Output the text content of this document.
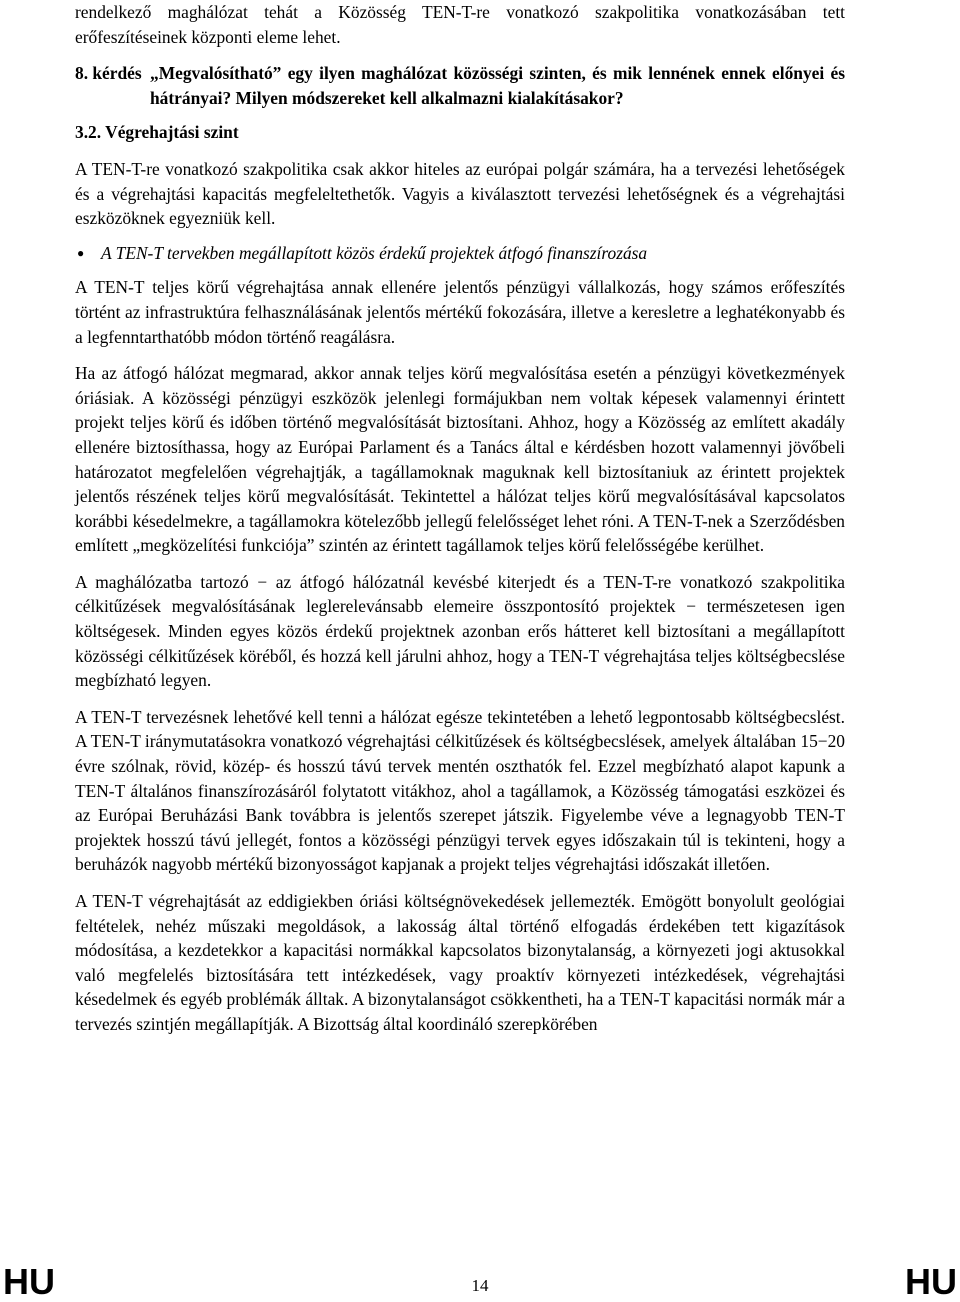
rendelkező maghálózat tehát a Közösség TEN-T-re vonatkozó szakpolitika vonatkozásában tett erőfeszítéseinek központi eleme lehet.

8. kérdés „Megvalósítható” egy ilyen maghálózat közösségi szinten, és mik lennének ennek előnyei és hátrányai? Milyen módszereket kell alkalmazni kialakításakor?

3.2. Végrehajtási szint

A TEN-T-re vonatkozó szakpolitika csak akkor hiteles az európai polgár számára, ha a tervezési lehetőségek és a végrehajtási kapacitás megfeleltethetők. Vagyis a kiválasztott tervezési lehetőségnek és a végrehajtási eszközöknek egyezniük kell.

● A TEN-T tervekben megállapított közös érdekű projektek átfogó finanszírozása

A TEN-T teljes körű végrehajtása annak ellenére jelentős pénzügyi vállalkozás, hogy számos erőfeszítés történt az infrastruktúra felhasználásának jelentős mértékű fokozására, illetve a keresletre a leghatékonyabb és a legfenntarthatóbb módon történő reagálásra.

Ha az átfogó hálózat megmarad, akkor annak teljes körű megvalósítása esetén a pénzügyi következmények óriásiak. A közösségi pénzügyi eszközök jelenlegi formájukban nem voltak képesek valamennyi érintett projekt teljes körű és időben történő megvalósítását biztosítani. Ahhoz, hogy a Közösség az említett akadály ellenére biztosíthassa, hogy az Európai Parlament és a Tanács által e kérdésben hozott valamennyi jövőbeli határozatot megfelelően végrehajtják, a tagállamoknak maguknak kell biztosítaniuk az érintett projektek jelentős részének teljes körű megvalósítását. Tekintettel a hálózat teljes körű megvalósításával kapcsolatos korábbi késedelmekre, a tagállamokra kötelezőbb jellegű felelősséget lehet róni. A TEN-T-nek a Szerződésben említett „megközelítési funkciója” szintén az érintett tagállamok teljes körű felelősségébe kerülhet.

A maghálózatba tartozó − az átfogó hálózatnál kevésbé kiterjedt és a TEN-T-re vonatkozó szakpolitika célkitűzések megvalósításának leglerelevánsabb elemeire összpontosító projektek − természetesen igen költségesek. Minden egyes közös érdekű projektnek azonban erős hátteret kell biztosítani a megállapított közösségi célkitűzések köréből, és hozzá kell járulni ahhoz, hogy a TEN-T végrehajtása teljes költségbecslése megbízható legyen.

A TEN-T tervezésnek lehetővé kell tenni a hálózat egésze tekintetében a lehető legpontosabb költségbecslést. A TEN-T iránymutatásokra vonatkozó végrehajtási célkitűzések és költségbecslések, amelyek általában 15−20 évre szólnak, rövid, közép- és hosszú távú tervek mentén oszthatók fel. Ezzel megbízható alapot kapunk a TEN-T általános finanszírozásáról folytatott vitákhoz, ahol a tagállamok, a Közösség támogatási eszközei és az Európai Beruházási Bank továbbra is jelentős szerepet játszik. Figyelembe véve a legnagyobb TEN-T projektek hosszú távú jellegét, fontos a közösségi pénzügyi tervek egyes időszakain túl is tekinteni, hogy a beruházók nagyobb mértékű bizonyosságot kapjanak a projekt teljes végrehajtási időszakát illetően.

A TEN-T végrehajtását az eddigiekben óriási költségnövekedések jellemezték. Emögött bonyolult geológiai feltételek, nehéz műszaki megoldások, a lakosság által történő elfogadás érdekében tett kigazítások módosítása, a kezdetekkor a kapacitási normákkal kapcsolatos bizonytalanság, a környezeti jogi aktusokkal való megfelelés biztosítására tett intézkedések, vagy proaktív környezeti intézkedések, végrehajtási késedelmek és egyéb problémák álltak. A bizonytalanságot csökkentheti, ha a TEN-T kapacitási normák már a tervezés szintjén megállapítják. A Bizottság által koordináló szerepkörében

HU	14	HU
